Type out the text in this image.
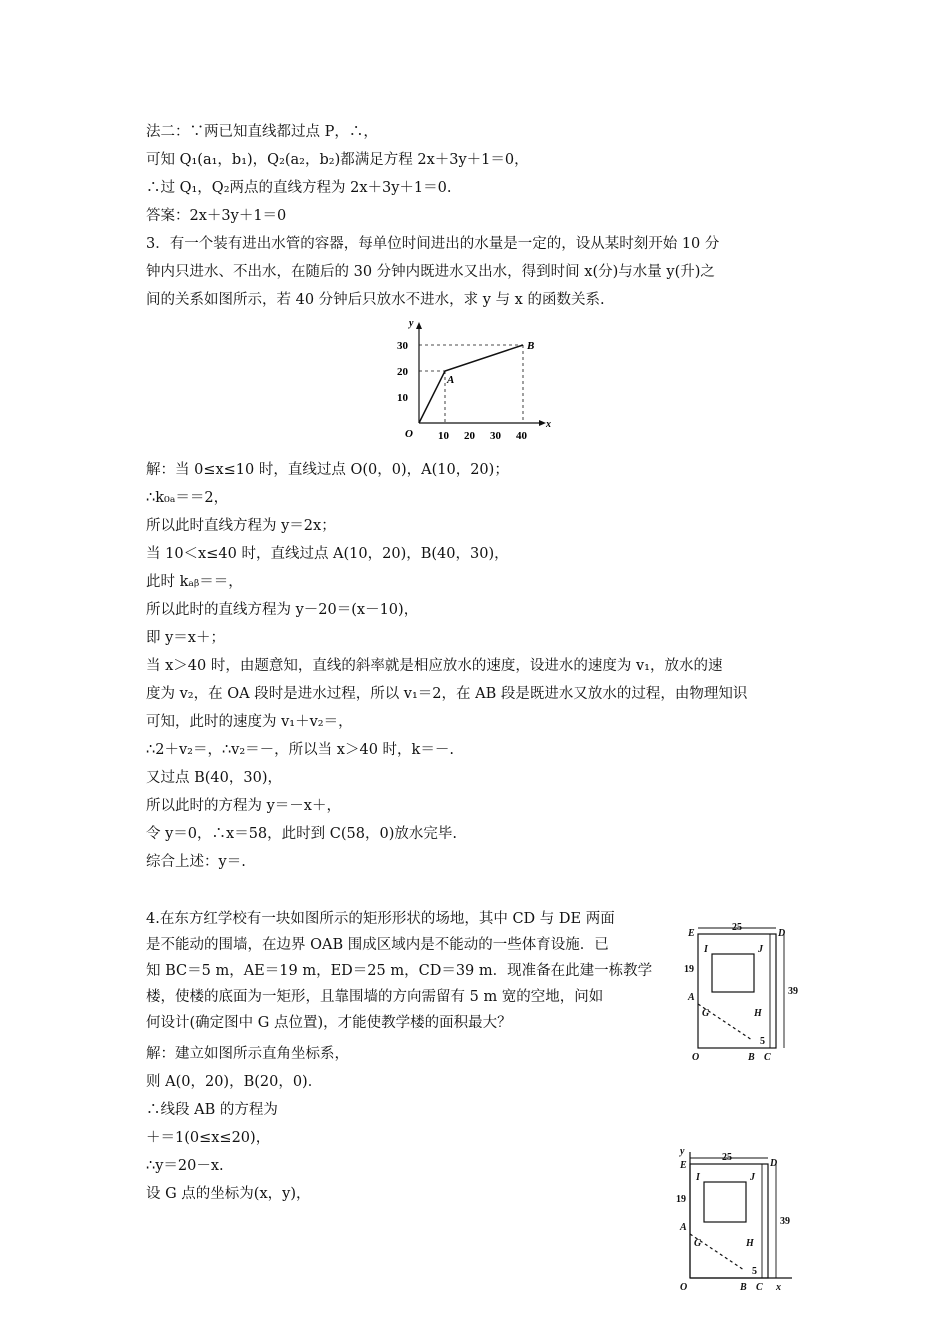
法二：∵两已知直线都过点 P，∴，
可知 Q₁(a₁，b₁)，Q₂(a₂，b₂)都满足方程 2x＋3y＋1＝0，
∴过 Q₁，Q₂两点的直线方程为 2x＋3y＋1＝0.
答案：2x＋3y＋1＝0
3．有一个装有进出水管的容器，每单位时间进出的水量是一定的，设从某时刻开始 10 分
钟内只进水、不出水，在随后的 30 分钟内既进水又出水，得到时间 x(分)与水量 y(升)之
间的关系如图所示，若 40 分钟后只放水不进水，求 y 与 x 的函数关系.
x
y
10 20 30 40
10
20
30
O
A
B
解：当 0≤x≤10 时，直线过点 O(0，0)，A(10，20)；
∴k₀ₐ＝＝2，
所以此时直线方程为 y＝2x；
当 10＜x≤40 时，直线过点 A(10，20)，B(40，30)，
此时 kₐᵦ＝＝，
所以此时的直线方程为 y－20＝(x－10)，
即 y＝x＋；
当 x＞40 时，由题意知，直线的斜率就是相应放水的速度，设进水的速度为 v₁，放水的速
度为 v₂，在 OA 段时是进水过程，所以 v₁＝2，在 AB 段是既进水又放水的过程，由物理知识
可知，此时的速度为 v₁＋v₂＝，
∴2＋v₂＝，∴v₂＝－，所以当 x＞40 时，k＝－.
又过点 B(40，30)，
所以此时的方程为 y＝－x＋，
令 y＝0，∴x＝58，此时到 C(58，0)放水完毕.
综合上述：y＝.
4.在东方红学校有一块如图所示的矩形形状的场地，其中 CD 与 DE 两面
是不能动的围墙，在边界 OAB 围成区域内是不能动的一些体育设施．已
知 BC＝5 m，AE＝19 m，ED＝25 m，CD＝39 m．现准备在此建一栋教学
楼，使楼的底面为一矩形，且靠围墙的方向需留有 5 m 宽的空地，问如
何设计(确定图中 G 点位置)，才能使教学楼的面积最大？
解：建立如图所示直角坐标系，
则 A(0，20)，B(20，0)．
∴线段 AB 的方程为
＋＝1(0≤x≤20)，
∴y＝20－x.
设 G 点的坐标为(x，y)，
E	D
25
I	J
19
39
A
G	H
5
O	B C
y
E	D
25
I	J
19
39
A
G	H
5
O	B C x
